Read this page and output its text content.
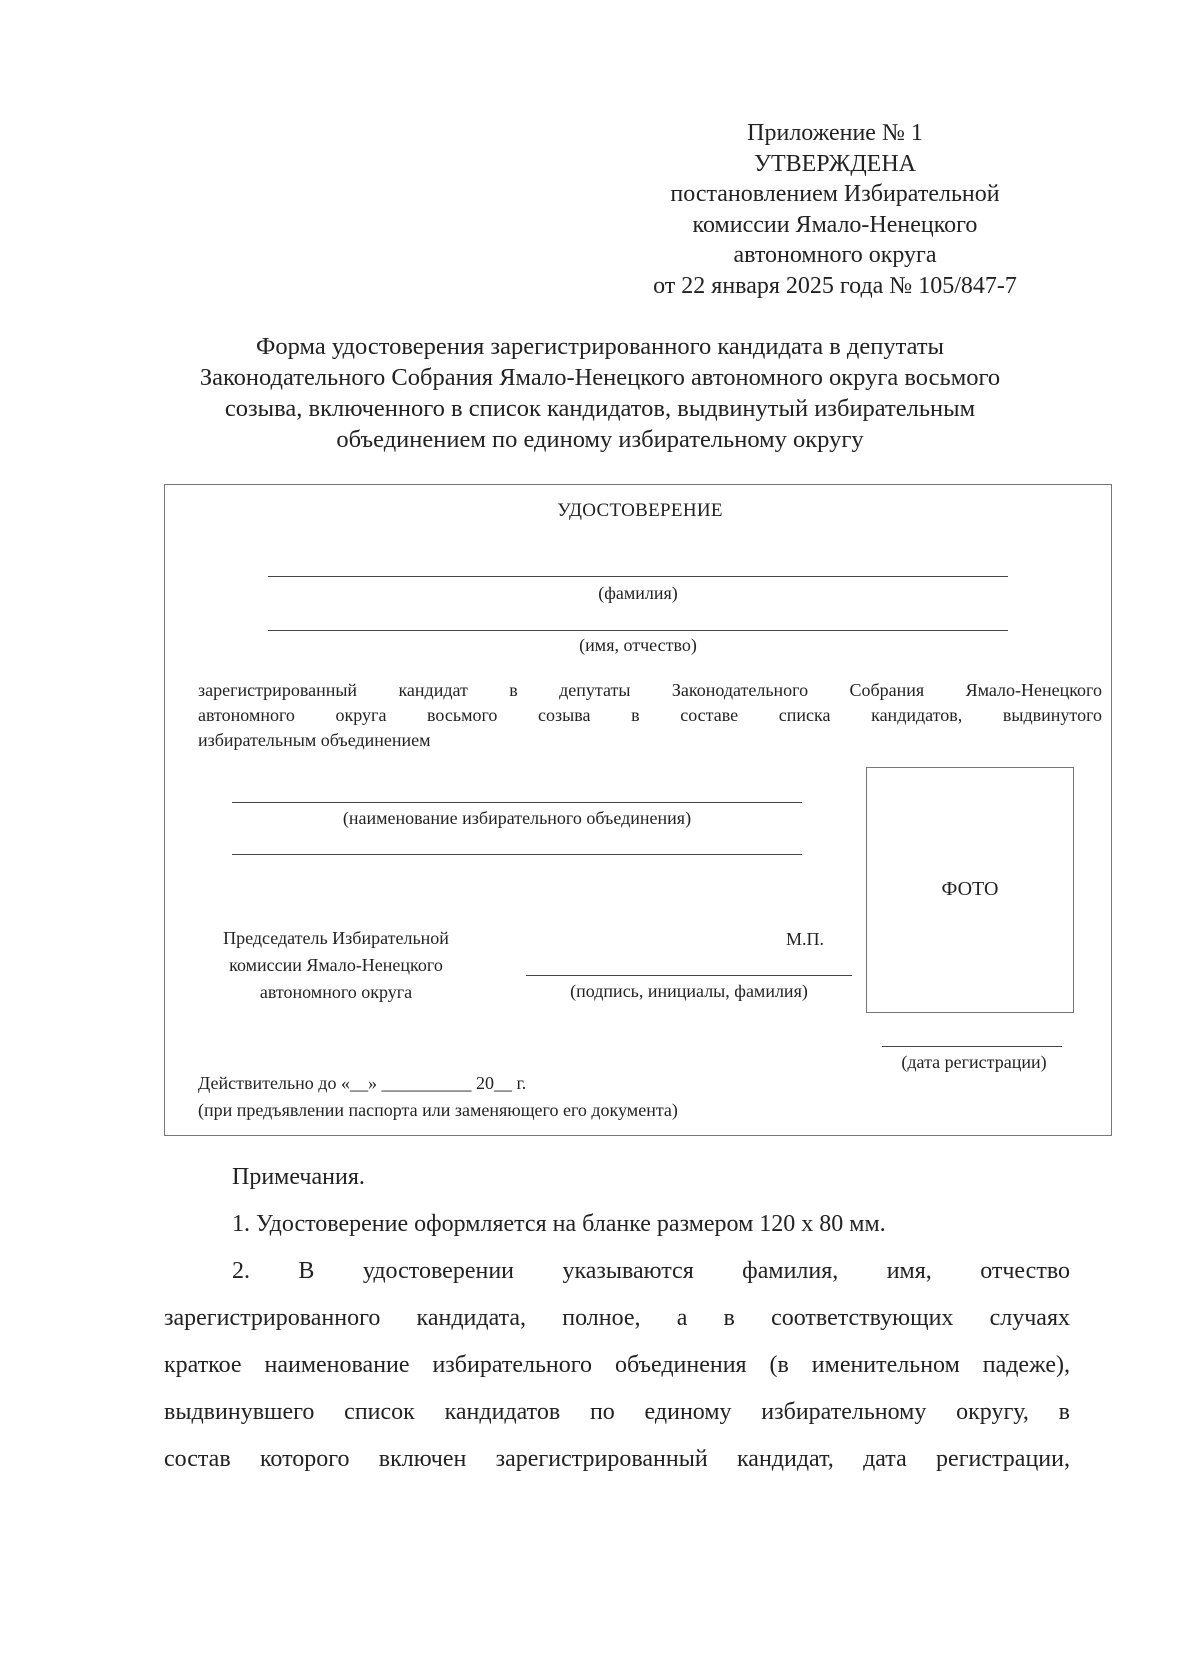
Приложение № 1
УТВЕРЖДЕНА
постановлением Избирательной
комиссии Ямало-Ненецкого
автономного округа
от 22 января 2025 года № 105/847-7
Форма удостоверения зарегистрированного кандидата в депутаты
Законодательного Собрания Ямало-Ненецкого автономного округа восьмого
созыва, включенного в список кандидатов, выдвинутый избирательным
объединением по единому избирательному округу
УДОСТОВЕРЕНИЕ
(фамилия)
(имя, отчество)
зарегистрированный кандидат в депутаты Законодательного Собрания Ямало-Ненецкого
автономного округа восьмого созыва в составе списка кандидатов, выдвинутого
избирательным объединением
(наименование избирательного объединения)
ФОТО
Председатель Избирательной
комиссии Ямало-Ненецкого
автономного округа
М.П.
(подпись, инициалы, фамилия)
(дата регистрации)
Действительно до «__» __________ 20__ г.
(при предъявлении паспорта или заменяющего его документа)
Примечания.
1. Удостоверение оформляется на бланке размером 120 х 80 мм.
2. В удостоверении указываются фамилия, имя, отчество
зарегистрированного кандидата, полное, а в соответствующих случаях
краткое наименование избирательного объединения (в именительном падеже),
выдвинувшего список кандидатов по единому избирательному округу, в
состав которого включен зарегистрированный кандидат, дата регистрации,
